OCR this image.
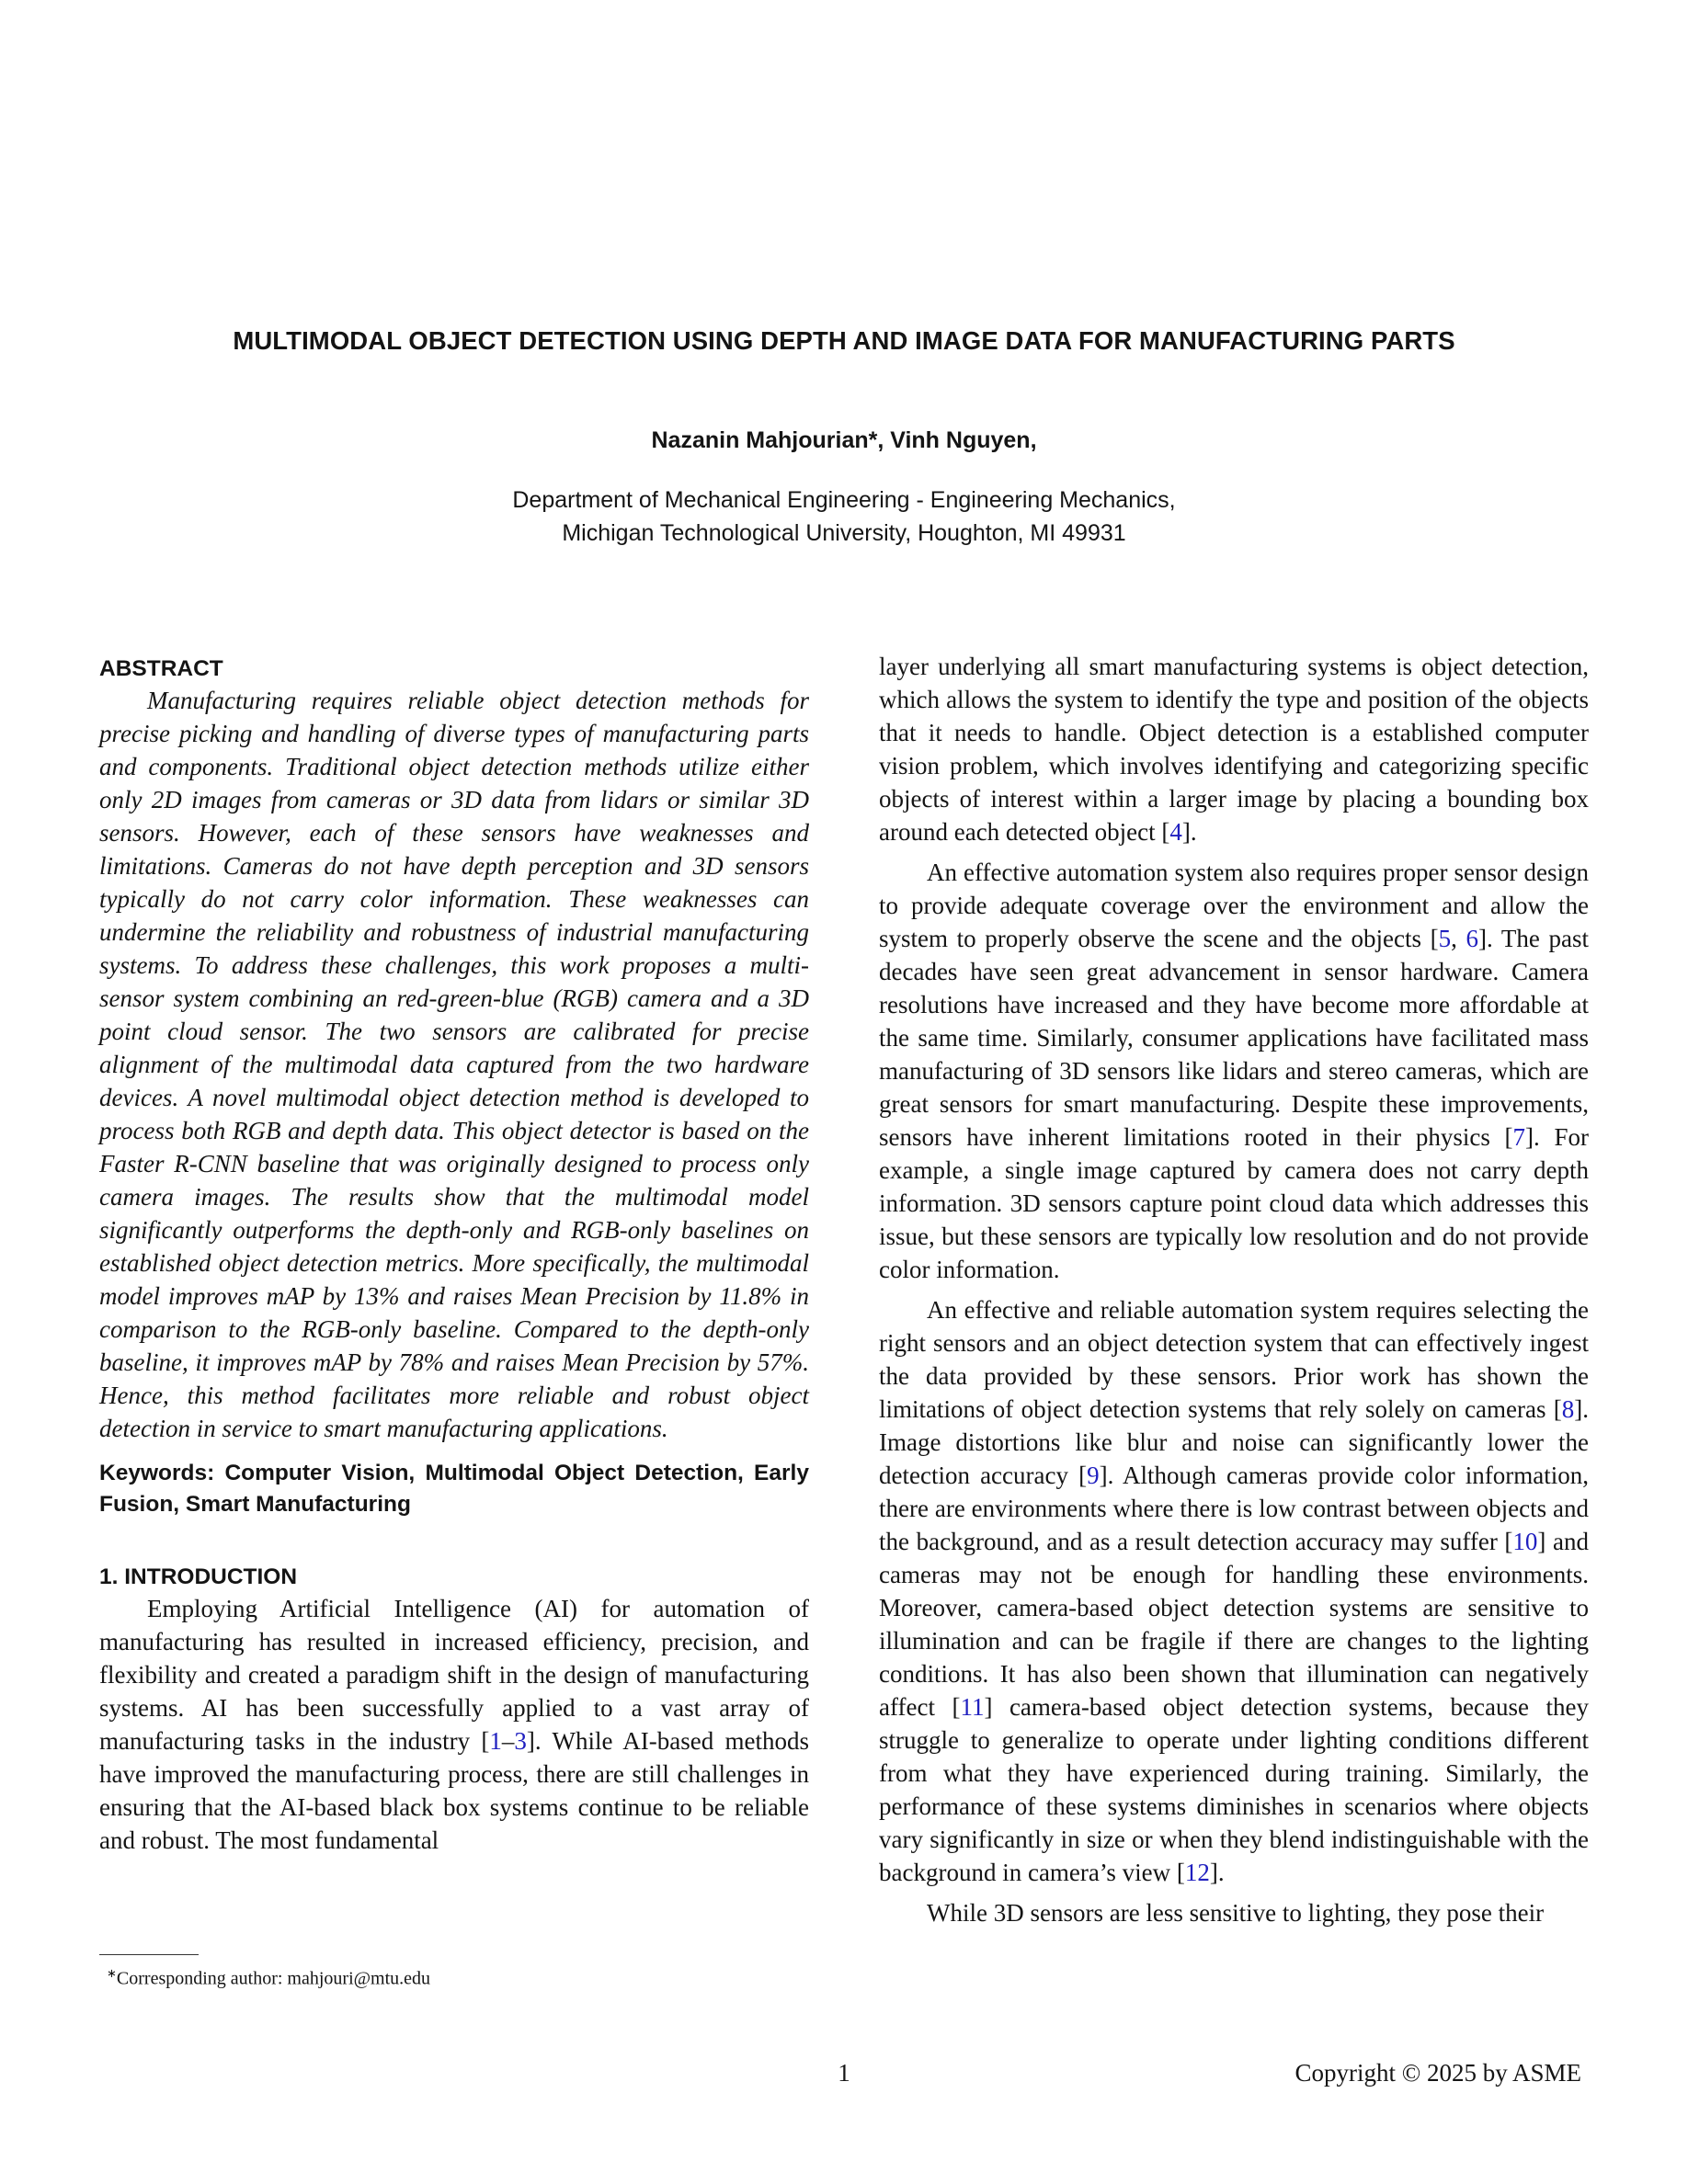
MULTIMODAL OBJECT DETECTION USING DEPTH AND IMAGE DATA FOR MANUFACTURING PARTS
Nazanin Mahjourian*, Vinh Nguyen,
Department of Mechanical Engineering - Engineering Mechanics,
Michigan Technological University, Houghton, MI 49931
ABSTRACT

Manufacturing requires reliable object detection methods for precise picking and handling of diverse types of manufacturing parts and components. Traditional object detection methods utilize either only 2D images from cameras or 3D data from lidars or similar 3D sensors. However, each of these sensors have weaknesses and limitations. Cameras do not have depth perception and 3D sensors typically do not carry color information. These weaknesses can undermine the reliability and robustness of industrial manufacturing systems. To address these challenges, this work proposes a multi-sensor system combining an red-green-blue (RGB) camera and a 3D point cloud sensor. The two sensors are calibrated for precise alignment of the multimodal data captured from the two hardware devices. A novel multimodal object detection method is developed to process both RGB and depth data. This object detector is based on the Faster R-CNN baseline that was originally designed to process only camera images. The results show that the multimodal model significantly outperforms the depth-only and RGB-only baselines on established object detection metrics. More specifically, the multimodal model improves mAP by 13% and raises Mean Precision by 11.8% in comparison to the RGB-only baseline. Compared to the depth-only baseline, it improves mAP by 78% and raises Mean Precision by 57%. Hence, this method facilitates more reliable and robust object detection in service to smart manufacturing applications.

Keywords: Computer Vision, Multimodal Object Detection, Early Fusion, Smart Manufacturing

1. INTRODUCTION

Employing Artificial Intelligence (AI) for automation of manufacturing has resulted in increased efficiency, precision, and flexibility and created a paradigm shift in the design of manufacturing systems. AI has been successfully applied to a vast array of manufacturing tasks in the industry [1–3]. While AI-based methods have improved the manufacturing process, there are still challenges in ensuring that the AI-based black box systems continue to be reliable and robust. The most fundamental

layer underlying all smart manufacturing systems is object detection, which allows the system to identify the type and position of the objects that it needs to handle. Object detection is a established computer vision problem, which involves identifying and categorizing specific objects of interest within a larger image by placing a bounding box around each detected object [4].

An effective automation system also requires proper sensor design to provide adequate coverage over the environment and allow the system to properly observe the scene and the objects [5, 6]. The past decades have seen great advancement in sensor hardware. Camera resolutions have increased and they have become more affordable at the same time. Similarly, consumer applications have facilitated mass manufacturing of 3D sensors like lidars and stereo cameras, which are great sensors for smart manufacturing. Despite these improvements, sensors have inherent limitations rooted in their physics [7]. For example, a single image captured by camera does not carry depth information. 3D sensors capture point cloud data which addresses this issue, but these sensors are typically low resolution and do not provide color information.

An effective and reliable automation system requires selecting the right sensors and an object detection system that can effectively ingest the data provided by these sensors. Prior work has shown the limitations of object detection systems that rely solely on cameras [8]. Image distortions like blur and noise can significantly lower the detection accuracy [9]. Although cameras provide color information, there are environments where there is low contrast between objects and the background, and as a result detection accuracy may suffer [10] and cameras may not be enough for handling these environments. Moreover, camera-based object detection systems are sensitive to illumination and can be fragile if there are changes to the lighting conditions. It has also been shown that illumination can negatively affect [11] camera-based object detection systems, because they struggle to generalize to operate under lighting conditions different from what they have experienced during training. Similarly, the performance of these systems diminishes in scenarios where objects vary significantly in size or when they blend indistinguishable with the background in camera’s view [12].

While 3D sensors are less sensitive to lighting, they pose their

∗Corresponding author: mahjouri@mtu.edu
1	Copyright © 2025 by ASME
